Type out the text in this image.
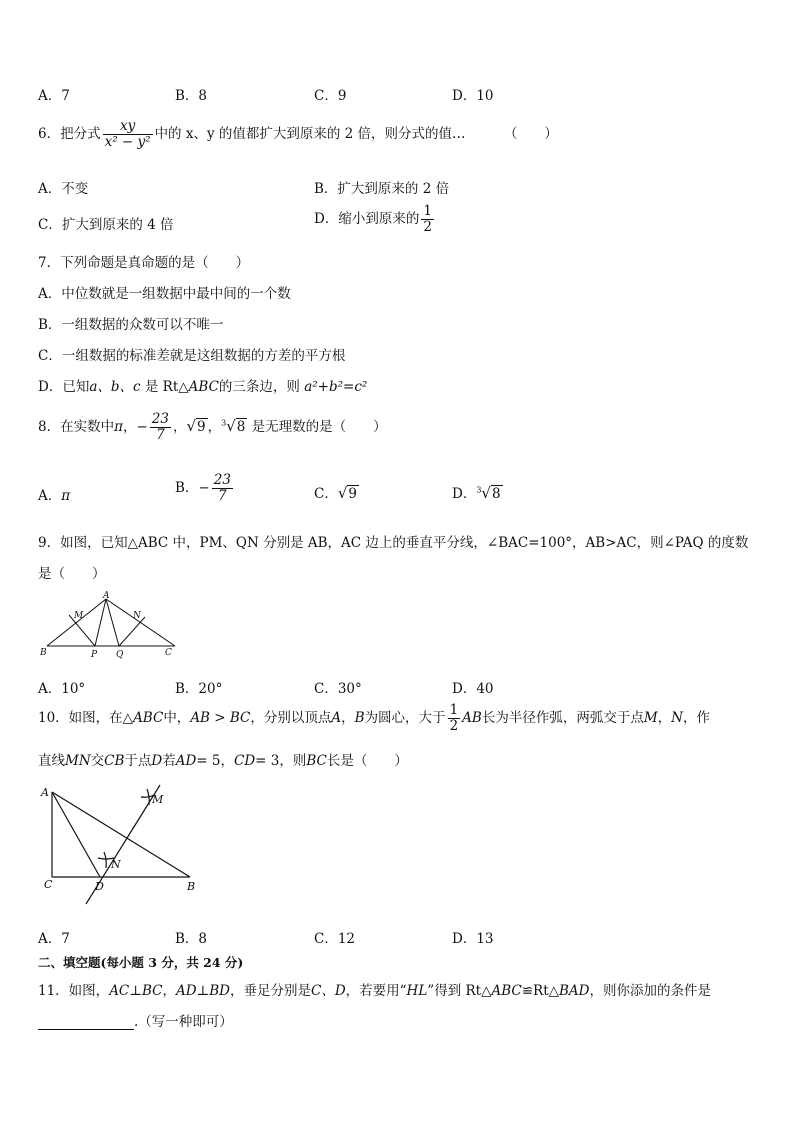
A．7	B．8	C．9	D．10
6．把分式 $\frac{xy}{\text{x² − y²}}$ 中的 x、y 的值都扩大到原来的 2 倍，则分式的值…	（　　）
A．不变	B．扩大到原来的 2 倍
C．扩大到原来的 4 倍	D．缩小到原来的 $\frac{1}{2}$
7．下列命题是真命题的是（　　）
A．中位数就是一组数据中最中间的一个数
B．一组数据的众数可以不唯一
C．一组数据的标准差就是这组数据的方差的平方根
D．已知a、b、c 是 Rt△ABC的三条边，则 a²+b²=c²
8．在实数中π，− $\frac{23}{7}$ ，√9 ，$^3$√8 是无理数的是（　　）
A．π	B．− $\frac{23}{7}$	C．√9	D．$^3$√8
9．如图，已知△ABC 中，PM、QN 分别是 AB，AC 边上的垂直平分线，∠BAC=100°，AB>AC，则∠PAQ 的度数
是（　　）
A
B	C
M	N
P Q
A．10°	B．20°	C．30°	D．40
10．如图，在△ABC中，AB > BC，分别以顶点A，B为圆心，大于 $\frac{1}{2}$ AB长为半径作弧，两弧交于点M，N，作
直线MN交CB于点D若AD= 5，CD= 3，则BC长是（　　）
A
C	D	B
M
N
A．7	B．8	C．12	D．13
二、填空题(每小题 3 分，共 24 分)
11．如图，AC⊥BC，AD⊥BD，垂足分别是C、D，若要用“HL”得到 Rt△ABC≌Rt△BAD，则你添加的条件是
.（写一种即可）
